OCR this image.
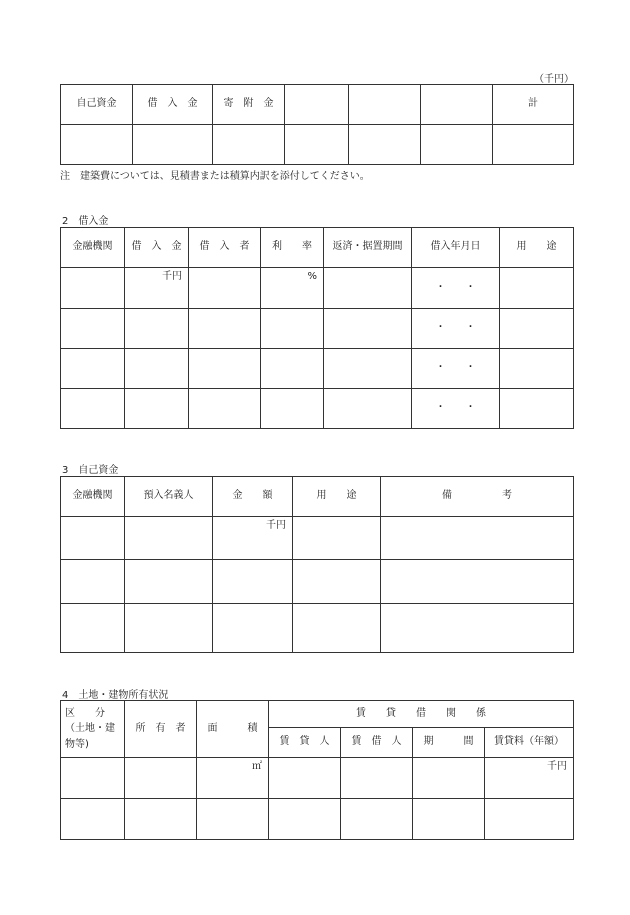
（千円）
自己資金	借　入　金	寄　附　金				計

注　建築費については、見積書または積算内訳を添付してください。
2　借入金
金融機関	借　入　金	借　入　者	利　　率	返済・据置期間	借入年月日	用　　途
	千円		%		・　　・	
					・　　・	
					・　　・	
					・　　・	
3　自己資金
金融機関	預入名義人	金　　額	用　　途	備　　　　　考
		千円		

4　土地・建物所有状況
区　　分
（土地・建
物等)	所　有　者	面　　　積	賃　　貸　　借　　関　　係			
			賃　貸　人	賃　借　人	期　　　間	賃貸料（年額）
		㎡				千円
